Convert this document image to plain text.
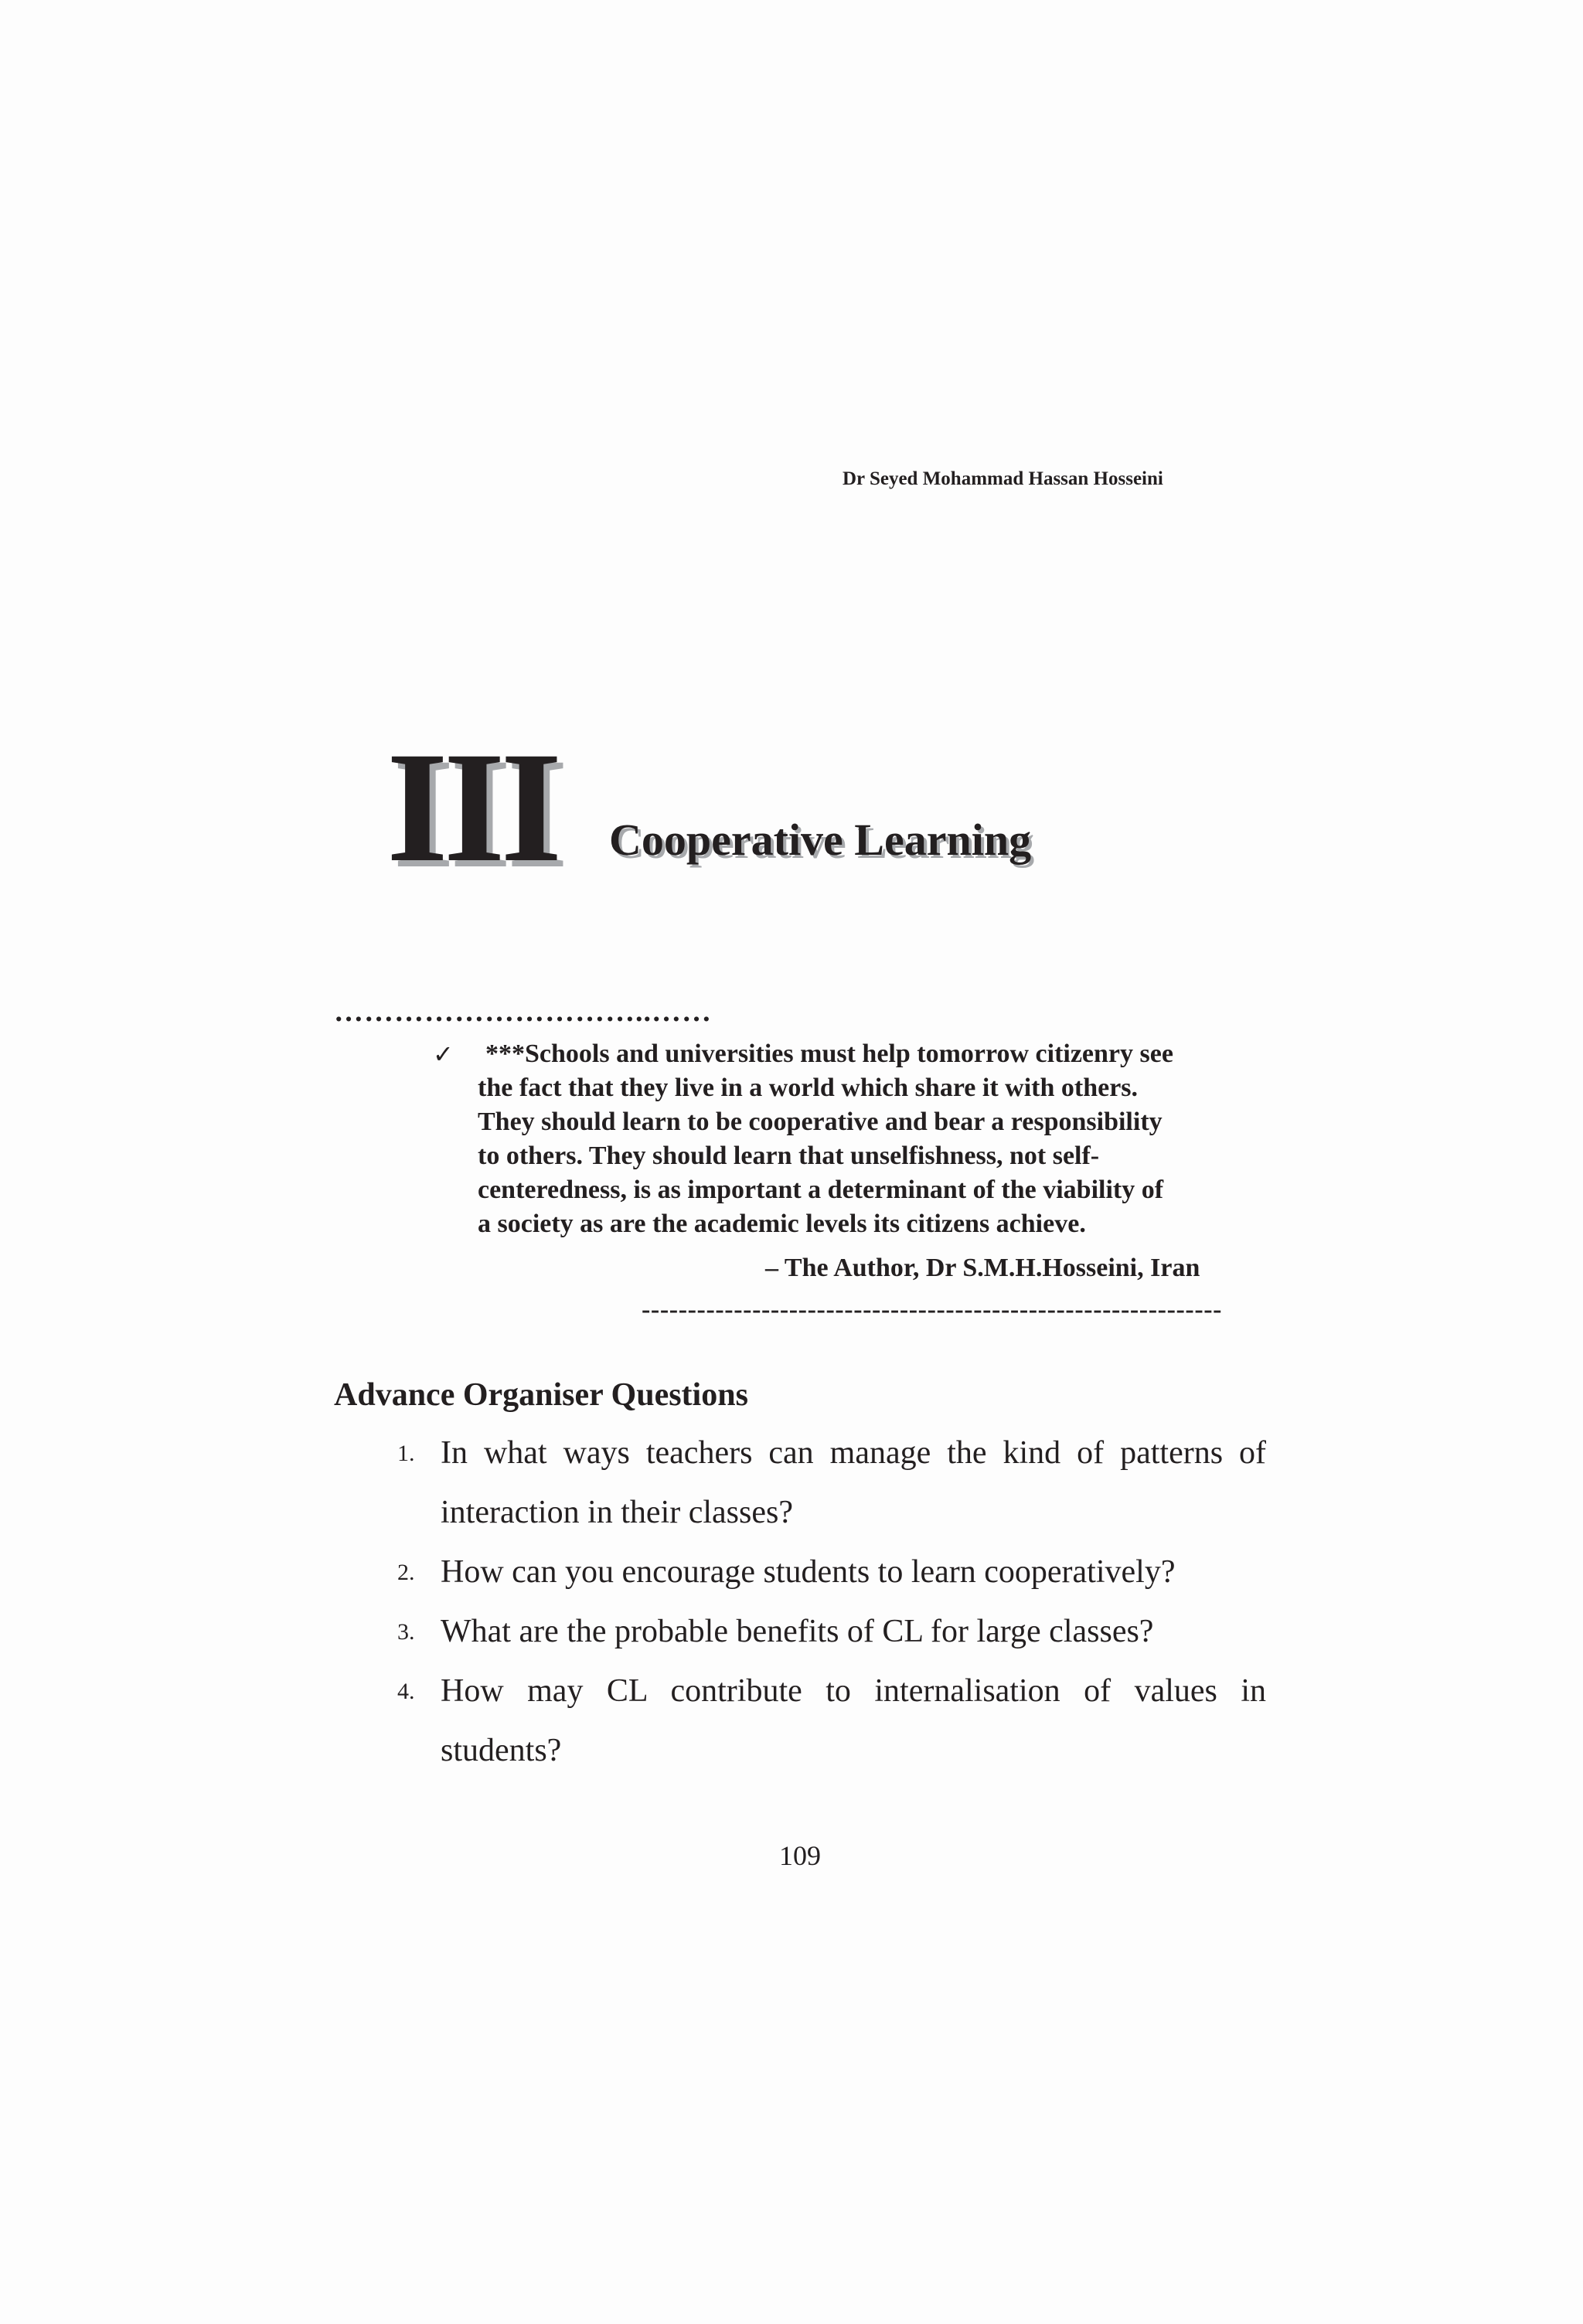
Dr Seyed Mohammad Hassan Hosseini
III Cooperative Learning
…………………………..……
✓ ***Schools and universities must help tomorrow citizenry see
the fact that they live in a world which share it with others.
They should learn to be cooperative and bear a responsibility
to others. They should learn that unselfishness, not self-
centeredness, is as important a determinant of the viability of
a society as are the academic levels its citizens achieve.
– The Author, Dr S.M.H.Hosseini, Iran
---------------------------------------------------------------
Advance Organiser Questions
1. In what ways teachers can manage the kind of patterns of interaction in their classes?
2. How can you encourage students to learn cooperatively?
3. What are the probable benefits of CL for large classes?
4. How may CL contribute to internalisation of values in students?
109
